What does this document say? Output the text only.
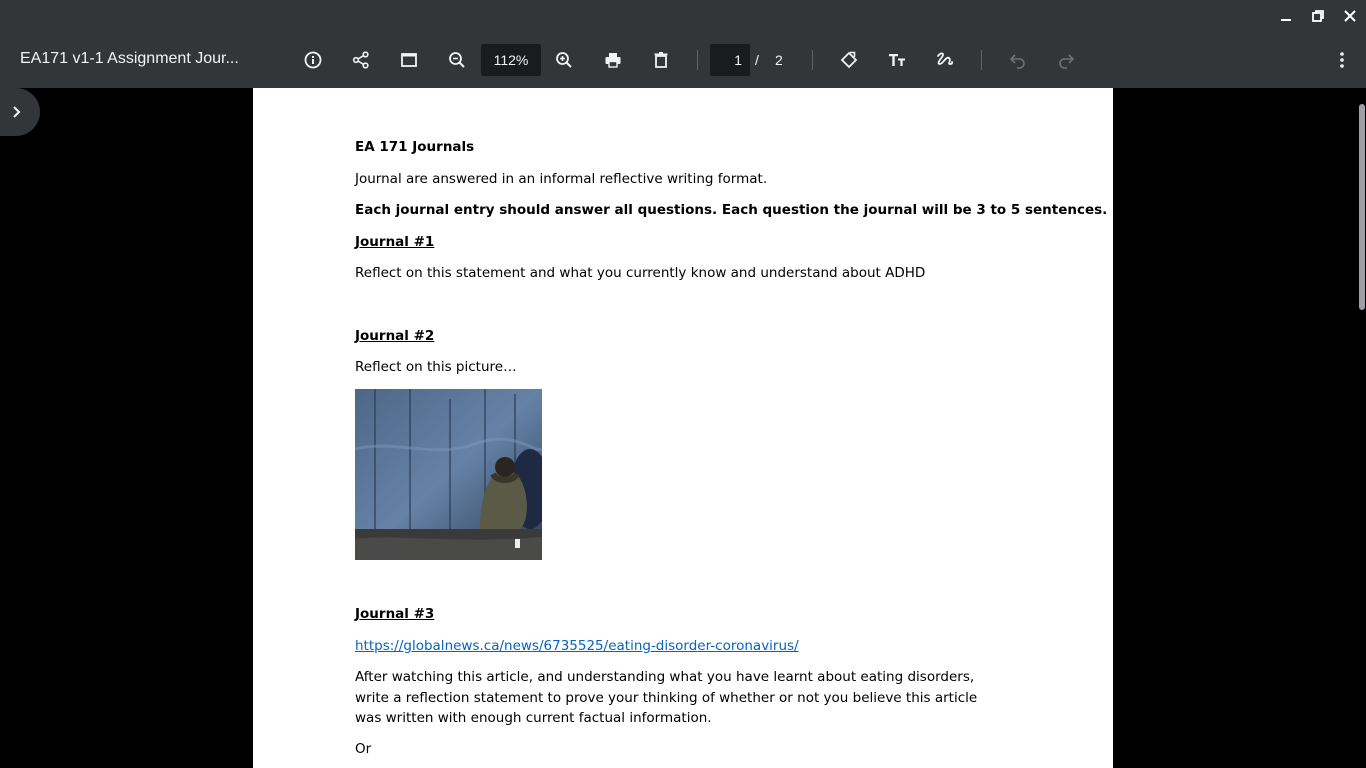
EA171 v1-1 Assignment Jour...	112%	1 / 2
EA 171 Journals
Journal are answered in an informal reflective writing format.
Each journal entry should answer all questions. Each question the journal will be 3 to 5 sentences.
Journal #1
Reflect on this statement and what you currently know and understand about ADHD
Journal #2
Reflect on this picture…
Journal #3
https://globalnews.ca/news/6735525/eating-disorder-coronavirus/
After watching this article, and understanding what you have learnt about eating disorders, write a reflection statement to prove your thinking of whether or not you believe this article was written with enough current factual information.
Or
